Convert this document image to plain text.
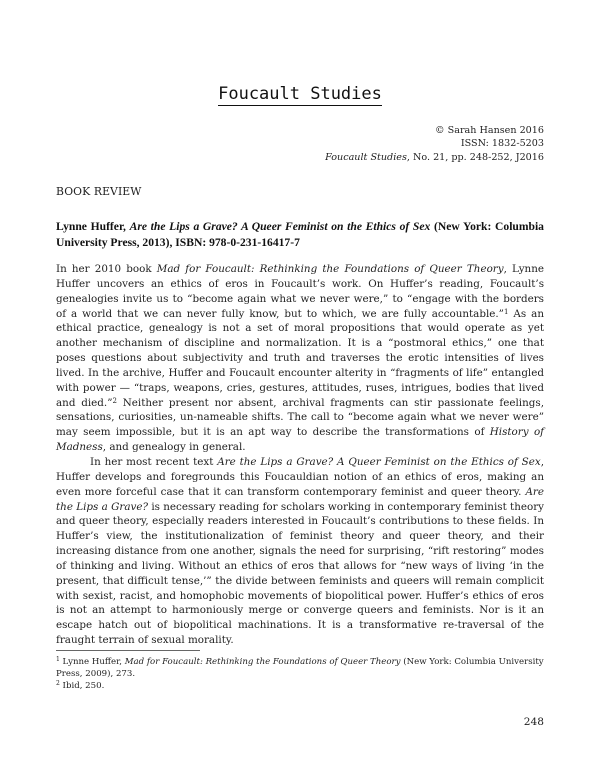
Foucault Studies
© Sarah Hansen 2016
ISSN: 1832-5203
Foucault Studies, No. 21, pp. 248-252, J2016
BOOK REVIEW
Lynne Huffer, Are the Lips a Grave? A Queer Feminist on the Ethics of Sex (New York: Columbia University Press, 2013), ISBN: 978-0-231-16417-7

In her 2010 book Mad for Foucault: Rethinking the Foundations of Queer Theory, Lynne Huffer uncovers an ethics of eros in Foucault’s work. On Huffer’s reading, Foucault’s genealogies invite us to “become again what we never were,” to “engage with the borders of a world that we can never fully know, but to which, we are fully accountable.”$^1$ As an ethical practice, genealogy is not a set of moral propositions that would operate as yet another mechanism of discipline and normalization. It is a “postmoral ethics,” one that poses questions about subjectivity and truth and traverses the erotic intensities of lives lived. In the archive, Huffer and Foucault encounter alterity in “fragments of life” entangled with power — “traps, weapons, cries, gestures, attitudes, ruses, intrigues, bodies that lived and died.”$^2$ Neither present nor absent, archival fragments can stir passionate feelings, sensations, curiosities, un-nameable shifts. The call to “become again what we never were” may seem impossible, but it is an apt way to describe the transformations of History of Madness, and genealogy in general.

In her most recent text Are the Lips a Grave? A Queer Feminist on the Ethics of Sex, Huffer develops and foregrounds this Foucauldian notion of an ethics of eros, making an even more forceful case that it can transform contemporary feminist and queer theory. Are the Lips a Grave? is necessary reading for scholars working in contemporary feminist theory and queer theory, especially readers interested in Foucault’s contributions to these fields. In Huffer’s view, the institutionalization of feminist theory and queer theory, and their increasing distance from one another, signals the need for surprising, “rift restoring” modes of thinking and living. Without an ethics of eros that allows for “new ways of living ‘in the present, that difficult tense,’” the divide between feminists and queers will remain complicit with sexist, racist, and homophobic movements of biopolitical power. Huffer’s ethics of eros is not an attempt to harmoniously merge or converge queers and feminists. Nor is it an escape hatch out of biopolitical machinations. It is a transformative re-traversal of the fraught terrain of sexual morality.

$^1$ Lynne Huffer, Mad for Foucault: Rethinking the Foundations of Queer Theory (New York: Columbia University Press, 2009), 273.

$^2$ Ibid, 250.

248
